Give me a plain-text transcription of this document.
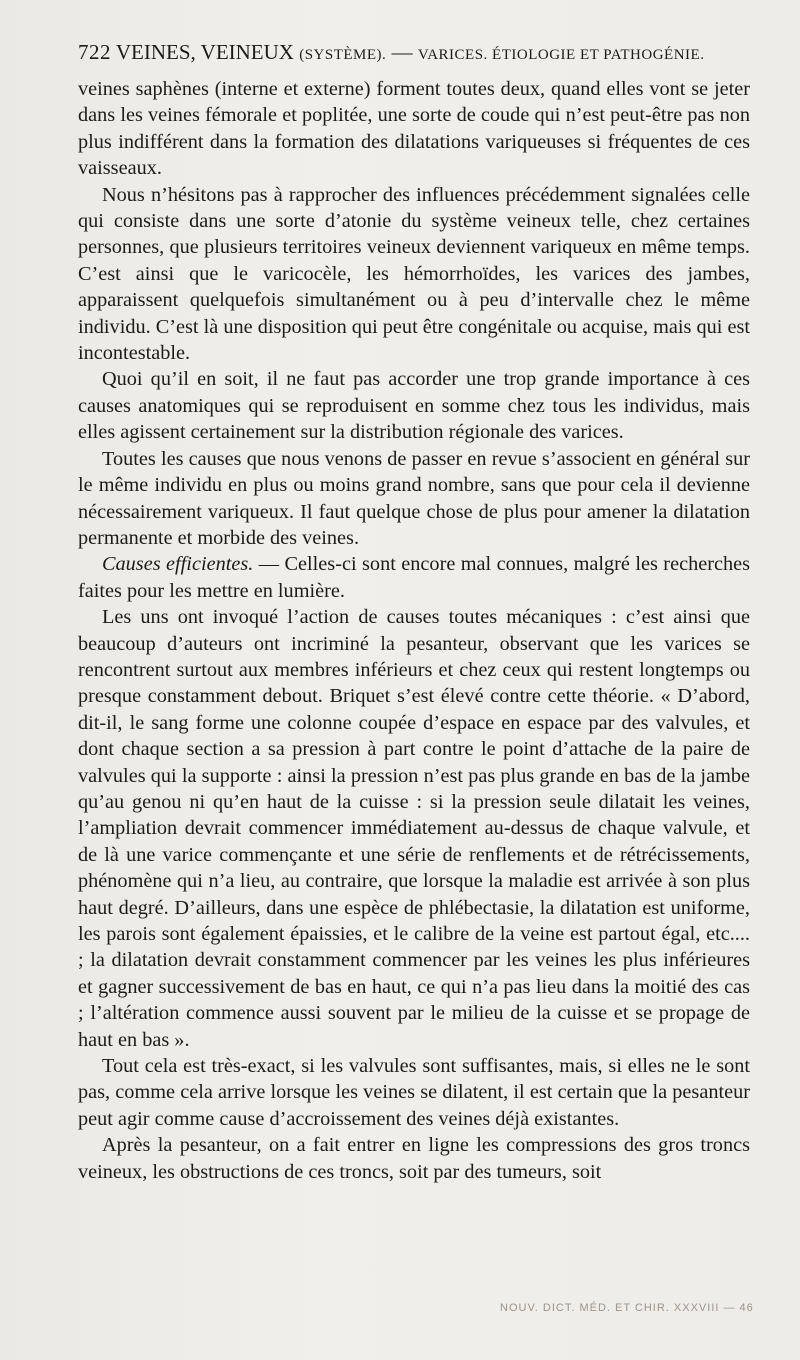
722 VEINES, VEINEUX (SYSTÈME). — VARICES. ÉTIOLOGIE ET PATHOGÉNIE.

veines saphènes (interne et externe) forment toutes deux, quand elles vont se jeter dans les veines fémorale et poplitée, une sorte de coude qui n’est peut-être pas non plus indifférent dans la formation des dilatations variqueuses si fréquentes de ces vaisseaux.

Nous n’hésitons pas à rapprocher des influences précédemment signalées celle qui consiste dans une sorte d’atonie du système veineux telle, chez certaines personnes, que plusieurs territoires veineux deviennent variqueux en même temps. C’est ainsi que le varicocèle, les hémorrhoïdes, les varices des jambes, apparaissent quelquefois simultanément ou à peu d’intervalle chez le même individu. C’est là une disposition qui peut être congénitale ou acquise, mais qui est incontestable.

Quoi qu’il en soit, il ne faut pas accorder une trop grande importance à ces causes anatomiques qui se reproduisent en somme chez tous les individus, mais elles agissent certainement sur la distribution régionale des varices.

Toutes les causes que nous venons de passer en revue s’associent en général sur le même individu en plus ou moins grand nombre, sans que pour cela il devienne nécessairement variqueux. Il faut quelque chose de plus pour amener la dilatation permanente et morbide des veines.

Causes efficientes. — Celles-ci sont encore mal connues, malgré les recherches faites pour les mettre en lumière.

Les uns ont invoqué l’action de causes toutes mécaniques : c’est ainsi que beaucoup d’auteurs ont incriminé la pesanteur, observant que les varices se rencontrent surtout aux membres inférieurs et chez ceux qui restent longtemps ou presque constamment debout. Briquet s’est élevé contre cette théorie. « D’abord, dit-il, le sang forme une colonne coupée d’espace en espace par des valvules, et dont chaque section a sa pression à part contre le point d’attache de la paire de valvules qui la supporte : ainsi la pression n’est pas plus grande en bas de la jambe qu’au genou ni qu’en haut de la cuisse : si la pression seule dilatait les veines, l’ampliation devrait commencer immédiatement au-dessus de chaque valvule, et de là une varice commençante et une série de renflements et de rétrécissements, phénomène qui n’a lieu, au contraire, que lorsque la maladie est arrivée à son plus haut degré. D’ailleurs, dans une espèce de phlébectasie, la dilatation est uniforme, les parois sont également épaissies, et le calibre de la veine est partout égal, etc.... ; la dilatation devrait constamment commencer par les veines les plus inférieures et gagner successivement de bas en haut, ce qui n’a pas lieu dans la moitié des cas ; l’altération commence aussi souvent par le milieu de la cuisse et se propage de haut en bas ».

Tout cela est très-exact, si les valvules sont suffisantes, mais, si elles ne le sont pas, comme cela arrive lorsque les veines se dilatent, il est certain que la pesanteur peut agir comme cause d’accroissement des veines déjà existantes.

Après la pesanteur, on a fait entrer en ligne les compressions des gros troncs veineux, les obstructions de ces troncs, soit par des tumeurs, soit

NOUV. DICT. MÉD. ET CHIR. XXXVIII — 46
